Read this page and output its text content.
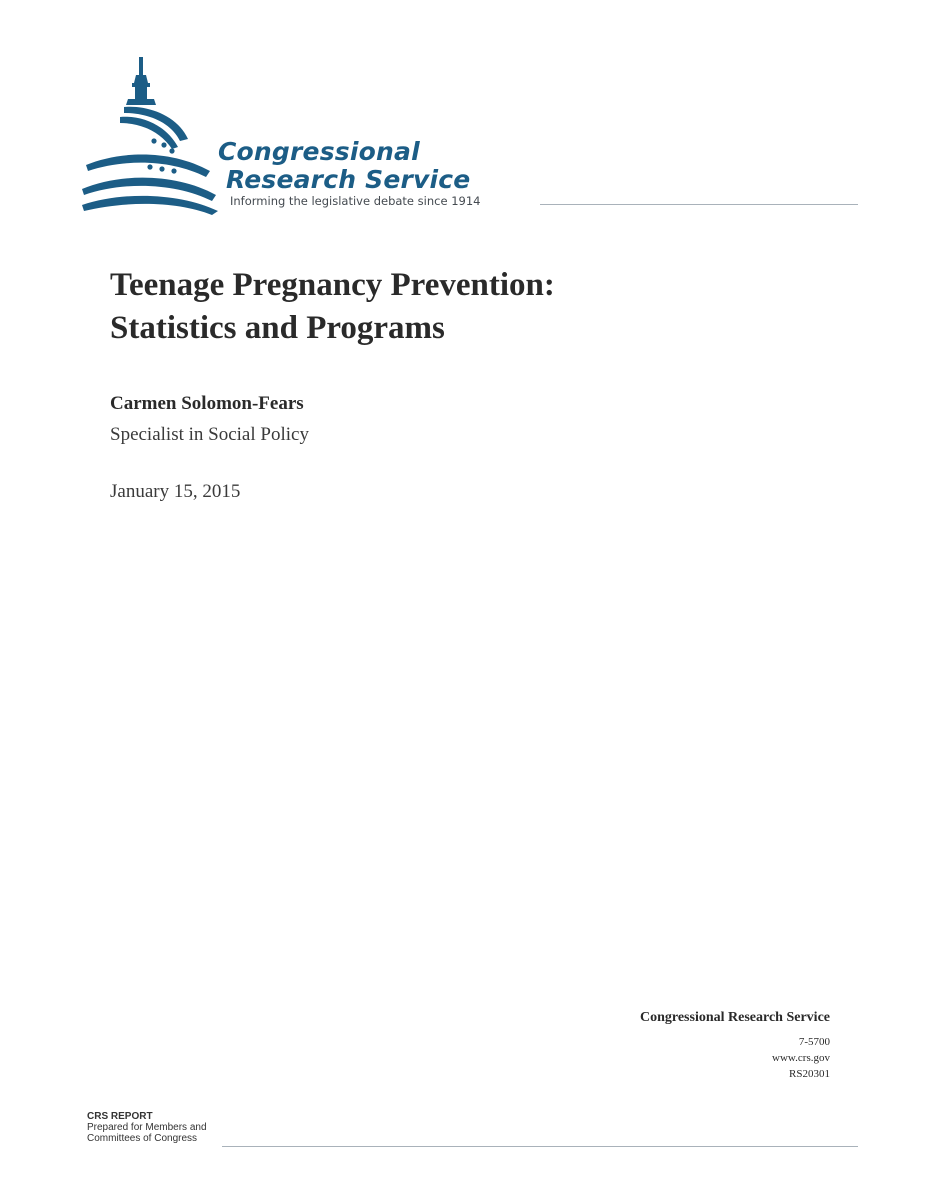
Congressional
Research Service
Informing the legislative debate since 1914
Teenage Pregnancy Prevention:
Statistics and Programs
Carmen Solomon-Fears
Specialist in Social Policy
January 15, 2015
Congressional Research Service
7-5700
www.crs.gov
RS20301
CRS REPORT
Prepared for Members and
Committees of Congress
